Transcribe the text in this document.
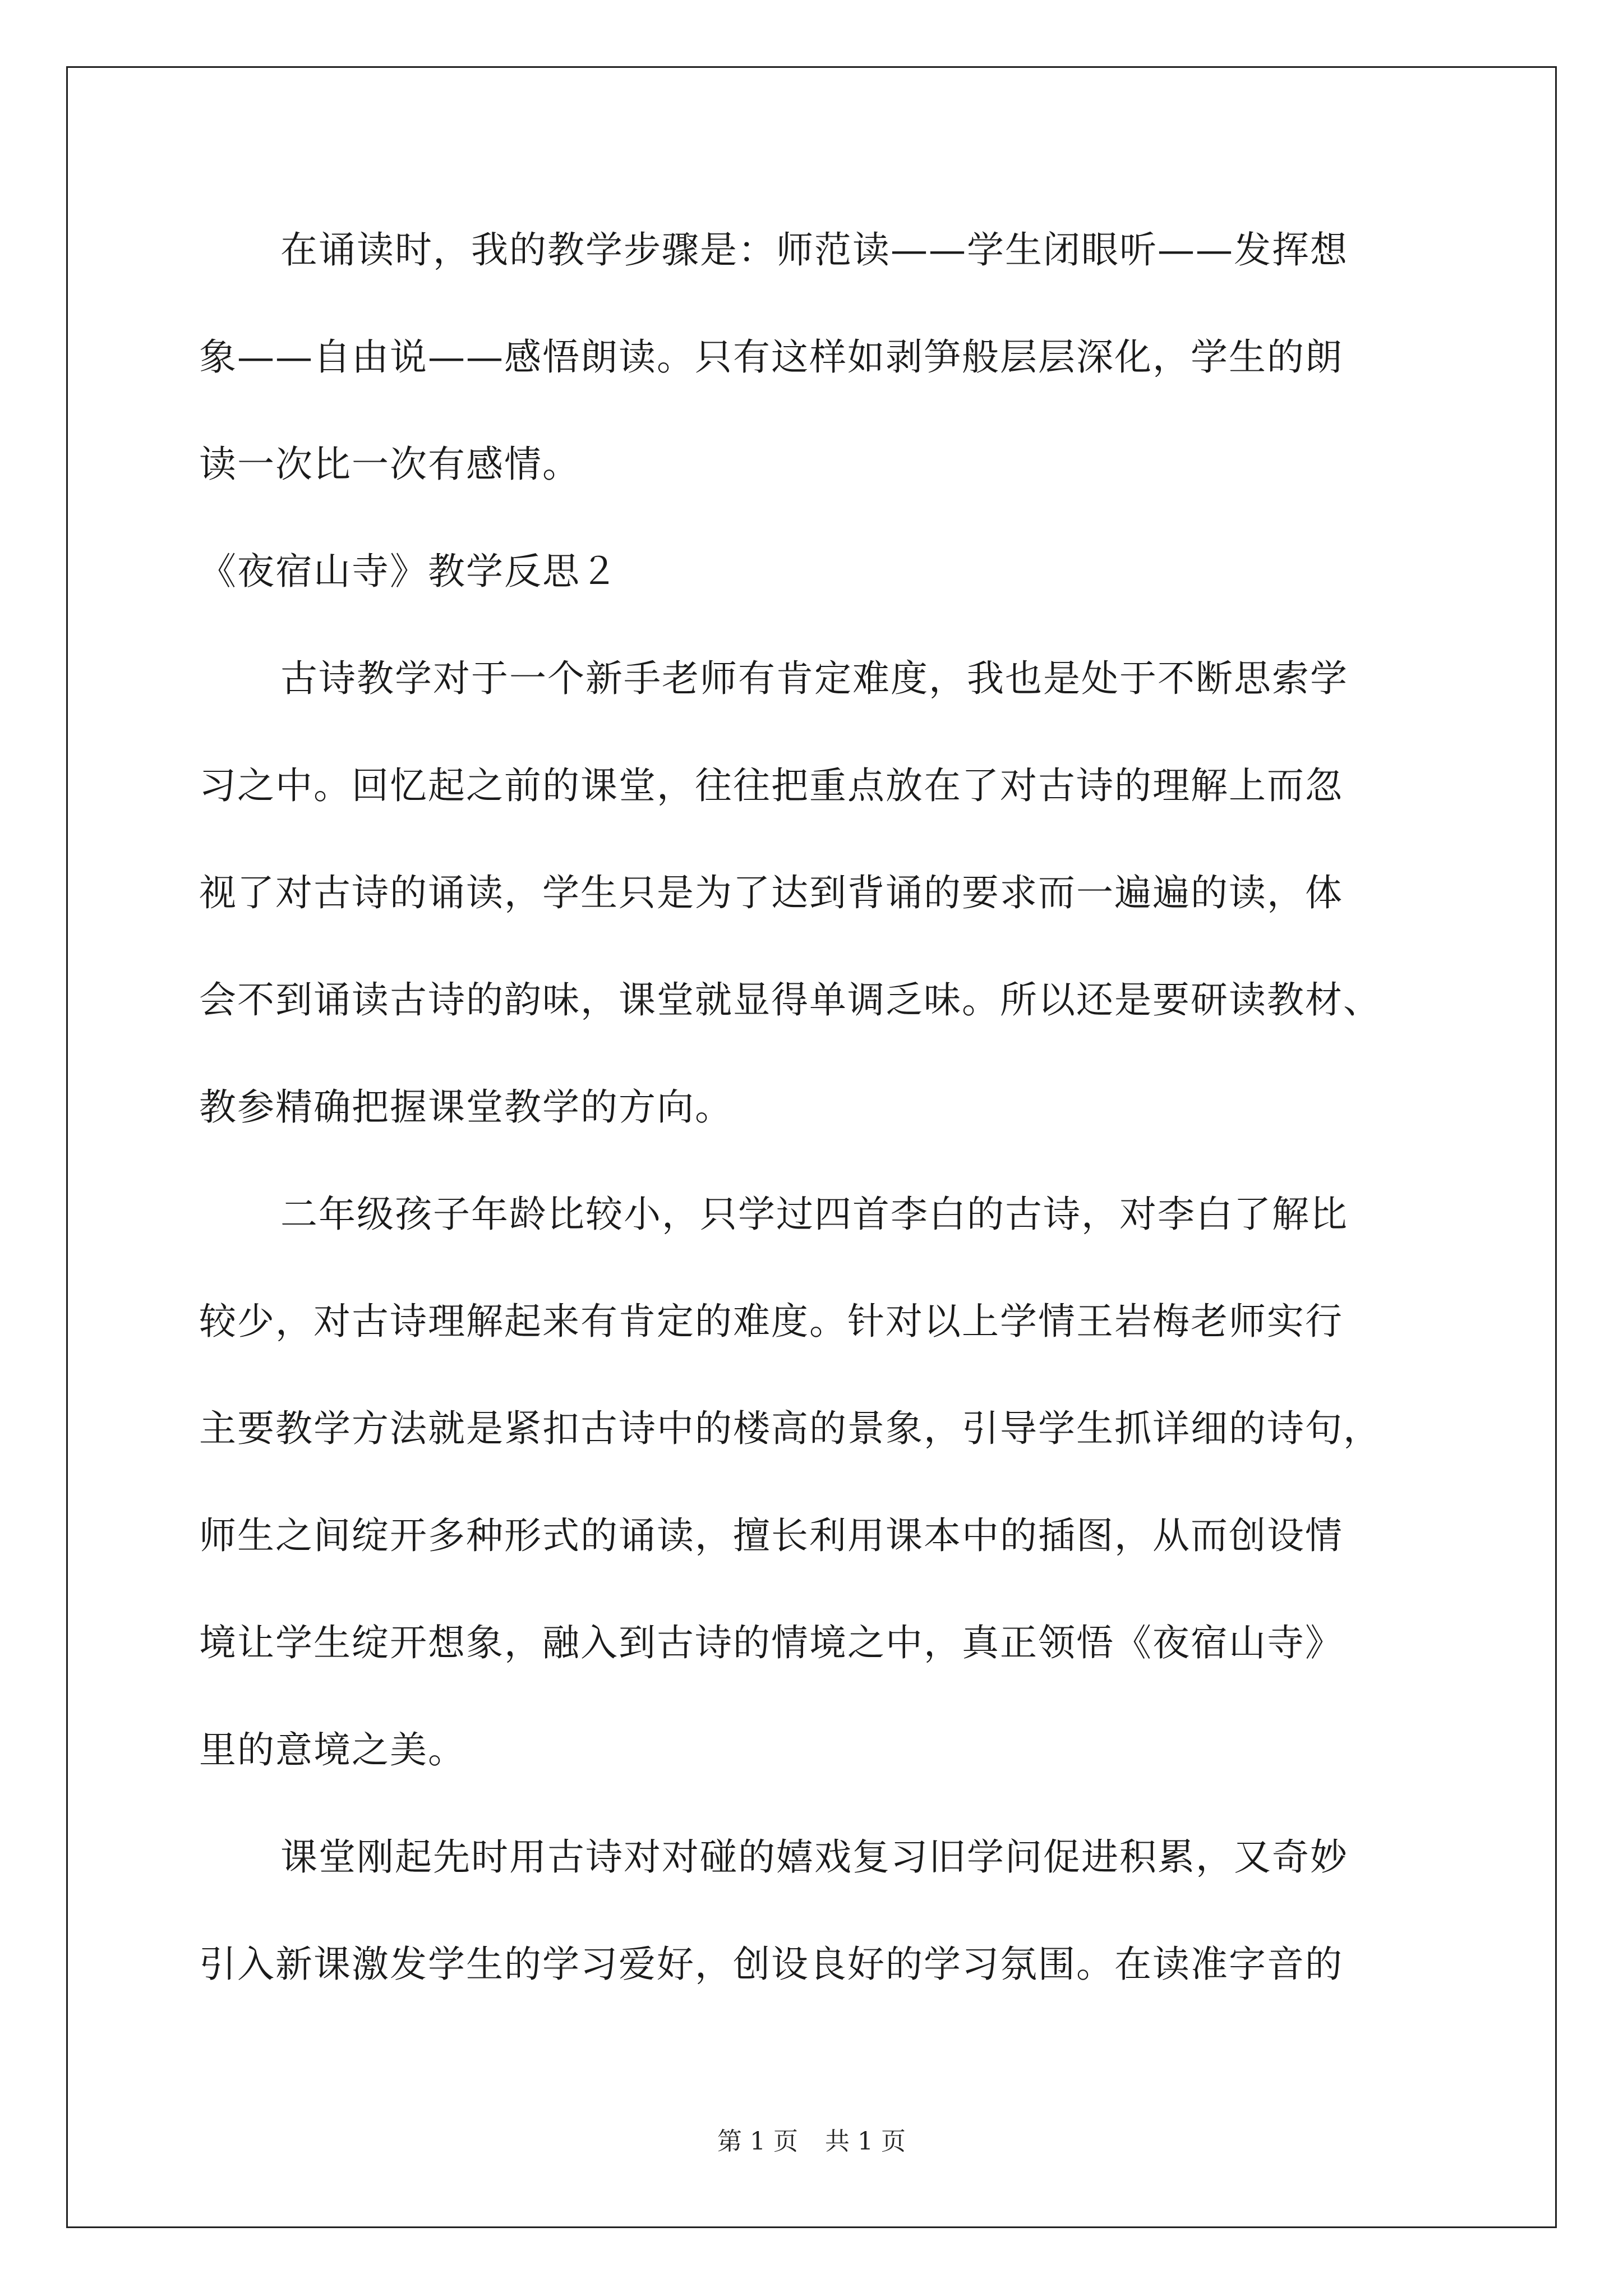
在诵读时，我的教学步骤是：师范读——学生闭眼听——发挥想
象——自由说——感悟朗读。只有这样如剥笋般层层深化，学生的朗
读一次比一次有感情。
《夜宿山寺》教学反思２
古诗教学对于一个新手老师有肯定难度，我也是处于不断思索学
习之中。回忆起之前的课堂，往往把重点放在了对古诗的理解上而忽
视了对古诗的诵读，学生只是为了达到背诵的要求而一遍遍的读，体
会不到诵读古诗的韵味，课堂就显得单调乏味。所以还是要研读教材、
教参精确把握课堂教学的方向。
二年级孩子年龄比较小，只学过四首李白的古诗，对李白了解比
较少，对古诗理解起来有肯定的难度。针对以上学情王岩梅老师实行
主要教学方法就是紧扣古诗中的楼高的景象，引导学生抓详细的诗句，
师生之间绽开多种形式的诵读，擅长利用课本中的插图，从而创设情
境让学生绽开想象，融入到古诗的情境之中，真正领悟《夜宿山寺》
里的意境之美。
课堂刚起先时用古诗对对碰的嬉戏复习旧学问促进积累，又奇妙
引入新课激发学生的学习爱好，创设良好的学习氛围。在读准字音的
第 1 页 共 1 页
